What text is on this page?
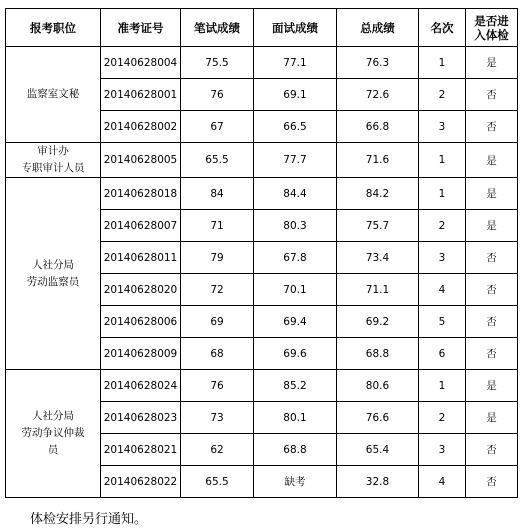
报考职位	准考证号	笔试成绩	面试成绩	总成绩	名次	是否进
入体检
监察室文秘	20140628004	75.5	77.1	76.3	1	是
	20140628001	76	69.1	72.6	2	否
	20140628002	67	66.5	66.8	3	否
审计办
专职审计人员	20140628005	65.5	77.7	71.6	1	是
人社分局
劳动监察员	20140628018	84	84.4	84.2	1	是
	20140628007	71	80.3	75.7	2	是
	20140628011	79	67.8	73.4	3	否
	20140628020	72	70.1	71.1	4	否
	20140628006	69	69.4	69.2	5	否
	20140628009	68	69.6	68.8	6	否
人社分局
劳动争议仲裁
员	20140628024	76	85.2	80.6	1	是
	20140628023	73	80.1	76.6	2	是
	20140628021	62	68.8	65.4	3	否
	20140628022	65.5	缺考	32.8	4	否
体检安排另行通知。
